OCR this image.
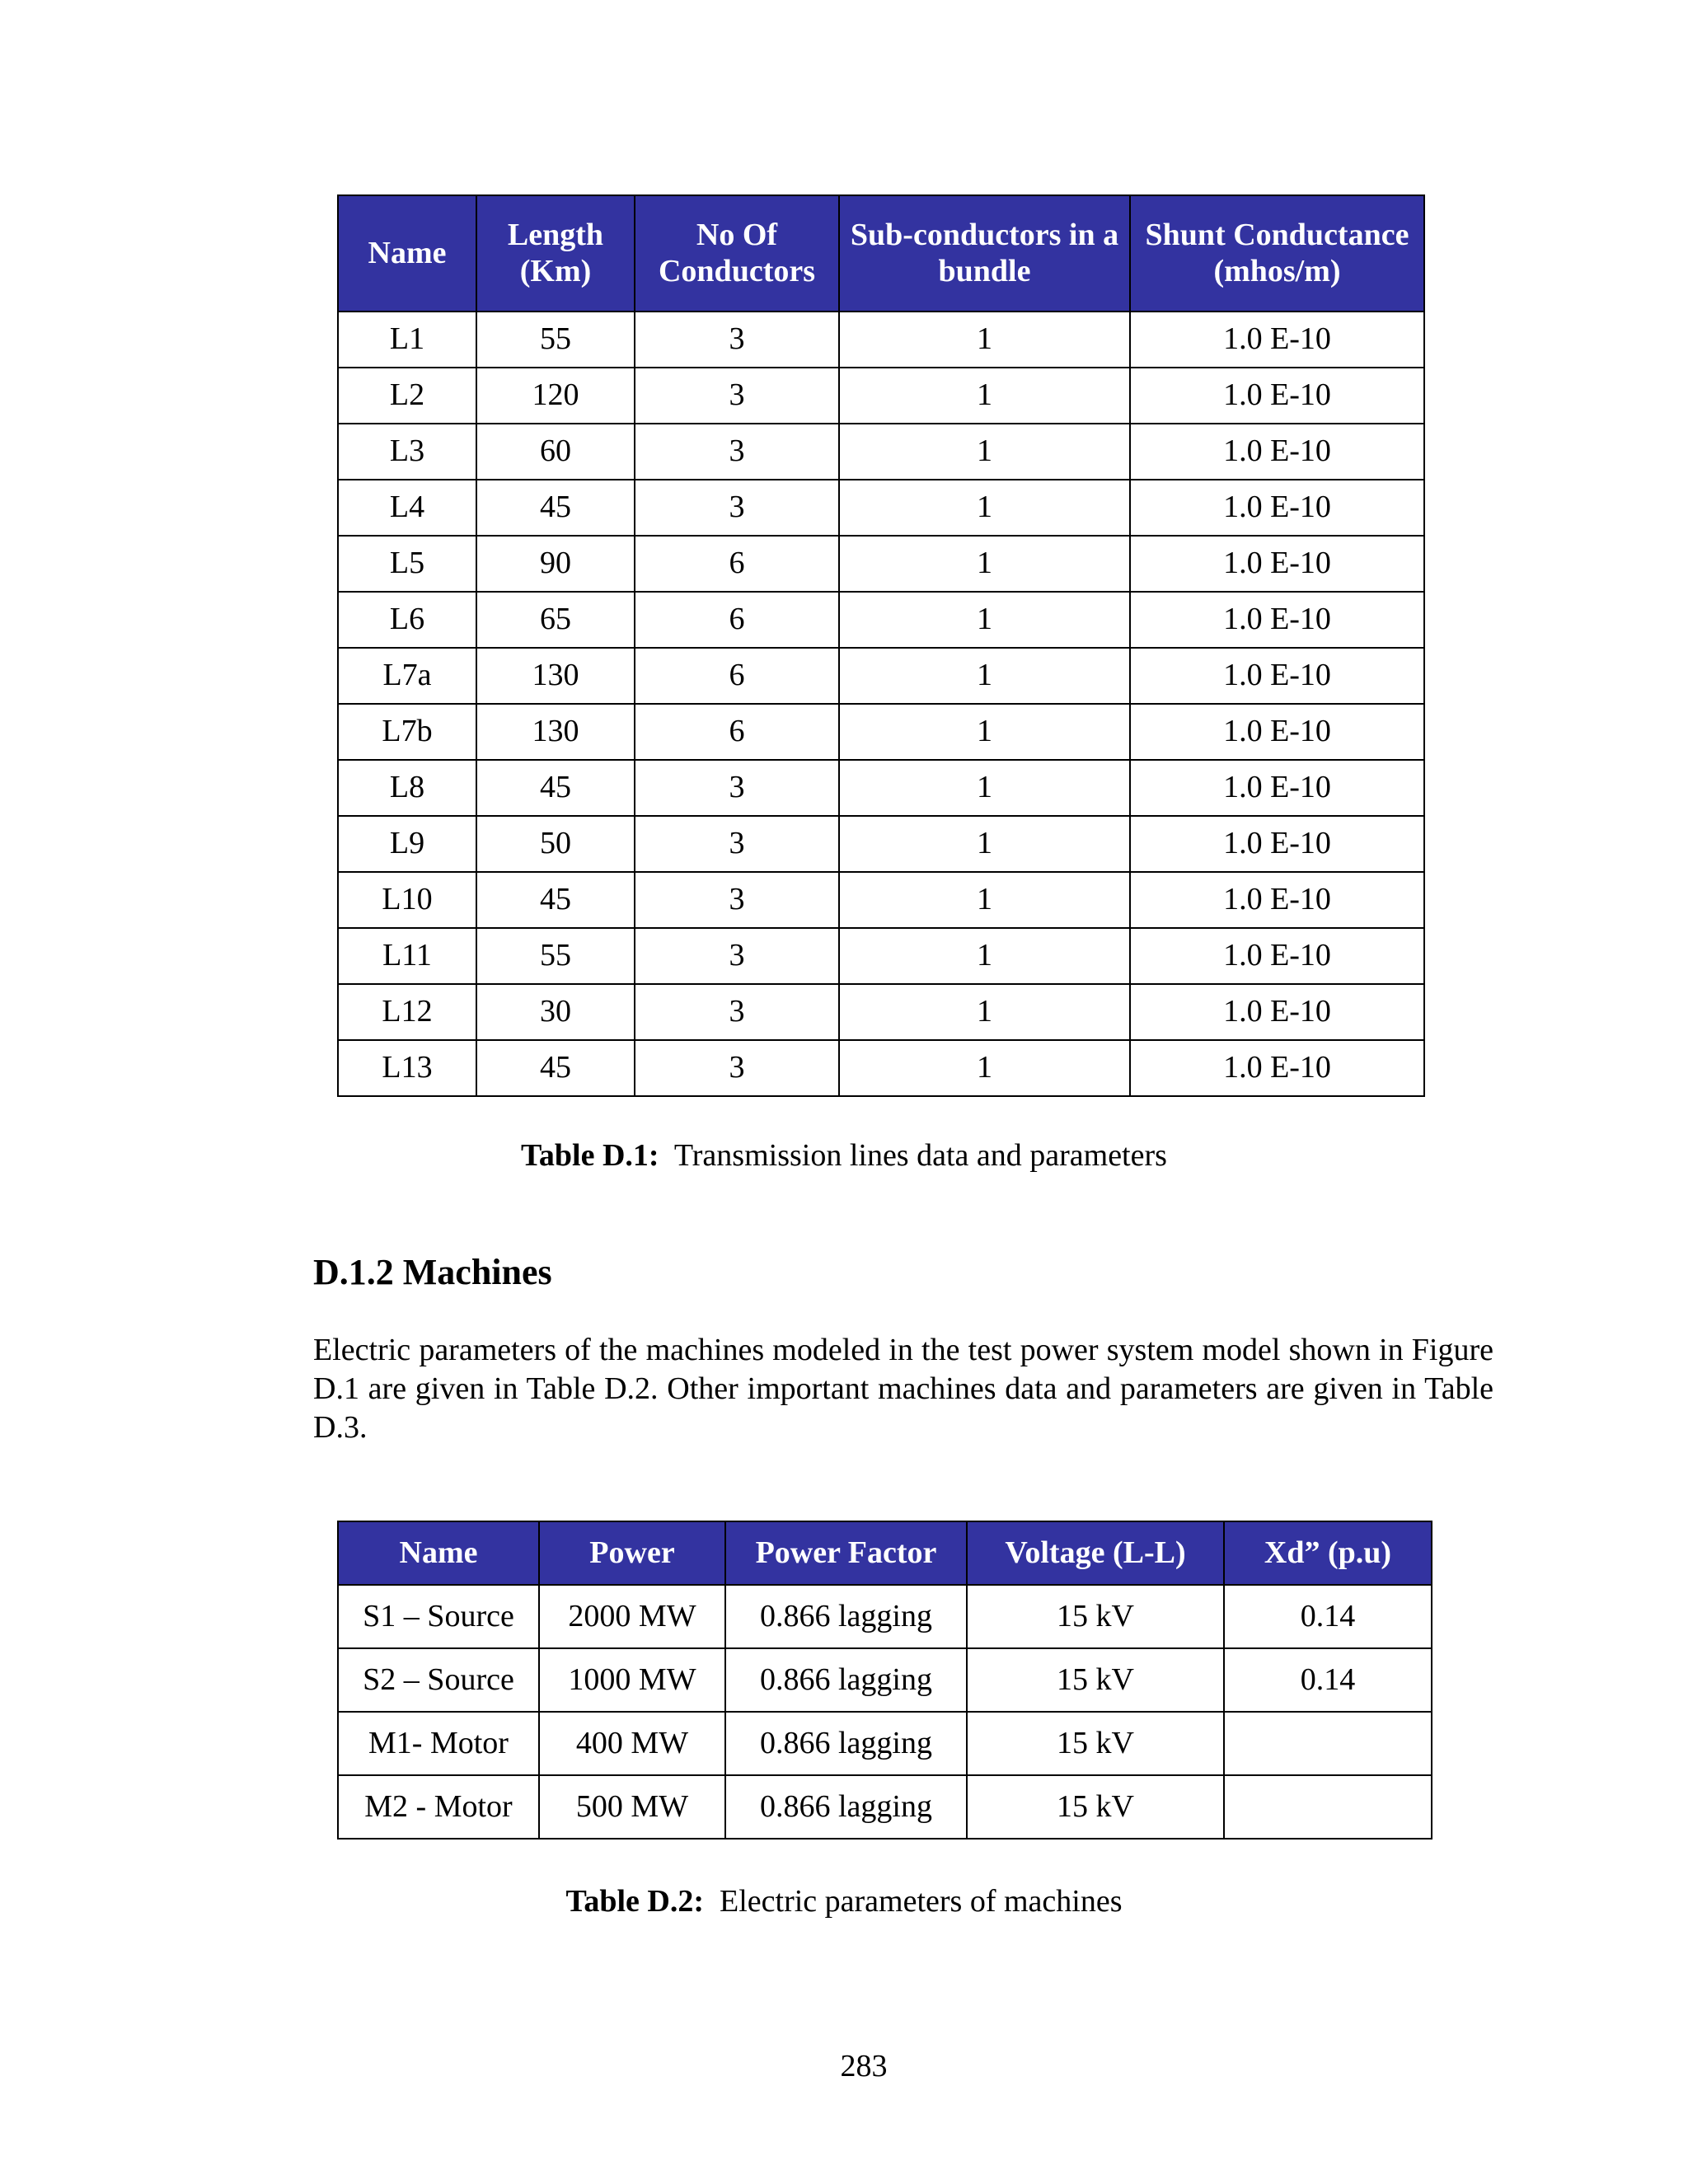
Name	Length (Km)	No Of Conductors	Sub-conductors in a bundle	Shunt Conductance (mhos/m)
L1	55	3	1	1.0 E-10
L2	120	3	1	1.0 E-10
L3	60	3	1	1.0 E-10
L4	45	3	1	1.0 E-10
L5	90	6	1	1.0 E-10
L6	65	6	1	1.0 E-10
L7a	130	6	1	1.0 E-10
L7b	130	6	1	1.0 E-10
L8	45	3	1	1.0 E-10
L9	50	3	1	1.0 E-10
L10	45	3	1	1.0 E-10
L11	55	3	1	1.0 E-10
L12	30	3	1	1.0 E-10
L13	45	3	1	1.0 E-10
Table D.1: Transmission lines data and parameters
D.1.2 Machines

Electric parameters of the machines modeled in the test power system model shown in Figure D.1 are given in Table D.2. Other important machines data and parameters are given in Table D.3.

Name	Power	Power Factor	Voltage (L-L)	Xd” (p.u)
S1 – Source	2000 MW	0.866 lagging	15 kV	0.14
S2 – Source	1000 MW	0.866 lagging	15 kV	0.14
M1- Motor	400 MW	0.866 lagging	15 kV	
M2 - Motor	500 MW	0.866 lagging	15 kV	
Table D.2: Electric parameters of machines
283
